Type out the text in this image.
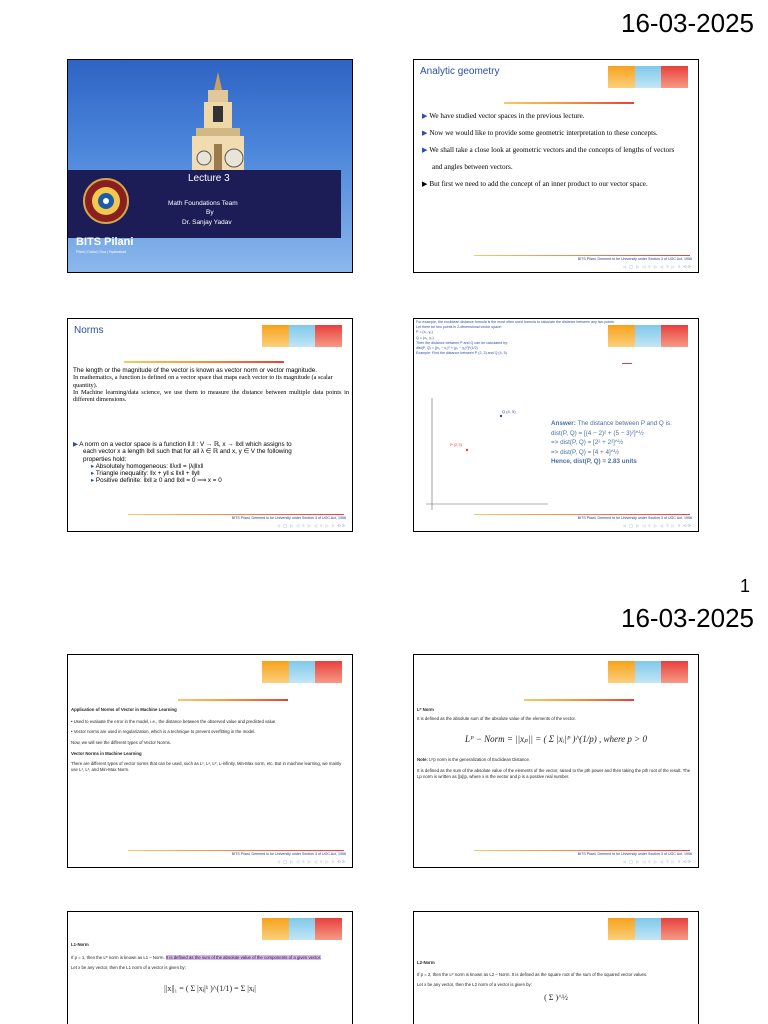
16-03-2025
Lecture 3
Math Foundations Team
By
Dr. Sanjay Yadav
BITS Pilani
Pilani | Dubai | Goa | Hyderabad
Analytic geometry
▶ We have studied vector spaces in the previous lecture.
▶ Now we would like to provide some geometric interpretation to these concepts.
▶ We shall take a close look at geometric vectors and the concepts of lengths of vectors and angles between vectors.
▶ But first we need to add the concept of an inner product to our vector space.
BITS Pilani, Deemed to be University under Section 3 of UGC Act, 1956
◁ ▢ ▷ ◁ ≡ ▷ ◁ ≡ ▷ ≡ ⟲⟳
Norms
The length or the magnitude of the vector is known as vector norm or vector magnitude.
In mathematics, a function is defined on a vector space that maps each vector to its magnitude (a scalar quantity).
In Machine learning/data science, we use them to measure the distance between multiple data points in different dimensions.
▶ A norm on a vector space is a function ‖.‖ : V → ℝ, x → ‖x‖ which assigns to each vector x a length ‖x‖ such that for all λ ∈ ℝ and x, y ∈ V the following properties hold:
▸ Absolutely homogeneous: ‖λx‖ = |λ|‖x‖
▸ Triangle inequality: ‖x + y‖ ≤ ‖x‖ + ‖y‖
▸ Positive definite: ‖x‖ ≥ 0 and ‖x‖ = 0 ⟹ x = 0
BITS Pilani, Deemed to be University under Section 3 of UGC Act, 1956
◁ ▢ ▷ ◁ ≡ ▷ ◁ ≡ ▷ ≡ ⟲⟳
For example, the euclidean distance formula is the most often used formula to calculate the distance between any two points.
Let there be two points in 2-dimensional vector space:
P = (x₁, y₁)
Q = (x₂, y₂)
Then the distance between P and Q can be calculated by:
dist(P, Q) = [(x₂ − x₁)² + (y₂ − y₁)²]^(1/2)
Example: Find the distance between P (2, 3) and Q (4, 5).
P (2,3)
Q (4, 5)
Answer: The distance between P and Q is:
dist(P, Q) = [(4 − 2)² + (5 − 3)²]^½
=> dist(P, Q) = [2² + 2²]^½
=> dist(P, Q) = [4 + 4]^½
Hence, dist(P, Q) = 2.83 units
BITS Pilani, Deemed to be University under Section 3 of UGC Act, 1956
◁ ▢ ▷ ◁ ≡ ▷ ◁ ≡ ▷ ≡ ⟲⟳
1
16-03-2025
Application of Norms of Vector in Machine Learning
• Used to evaluate the error in the model, i.e., the distance between the observed value and predicted value.
• Vector norms are used in regularization, which is a technique to prevent overfitting in the model.
Now, we will see the different types of Vector Norms.
Vector Norms in Machine Learning
There are different types of vector norms that can be used, such as L¹, L², Lᴾ, L-infinity, Min-Max norm, etc. But in machine learning, we mainly use L¹, L², and Min-Max Norm.
BITS Pilani, Deemed to be University under Section 3 of UGC Act, 1956
◁ ▢ ▷ ◁ ≡ ▷ ◁ ≡ ▷ ≡ ⟲⟳
Lᴾ Norm
It is defined as the absolute sum of the absolute value of the elements of the vector.
Lᴾ − Norm = ||xₚ|| = ( Σ |xᵢ|ᴾ )^(1/p) , where p > 0
Note: Lᴾp norm is the generalization of Euclidean Distance.
It is defined as the sum of the absolute value of the elements of the vector, raised to the pth power and then taking the pth root of the result. The Lp norm is written as ||x||p, where x is the vector and p is a positive real number.
BITS Pilani, Deemed to be University under Section 3 of UGC Act, 1956
◁ ▢ ▷ ◁ ≡ ▷ ◁ ≡ ▷ ≡ ⟲⟳
L1-Norm
If p = 1, then the Lᴾ norm is known as L1 – Norm. It is defined as the sum of the absolute value of the components of a given vector.
Let x be any vector, then the L1 norm of a vector is given by:
||x||₁ = ( Σ |xⱼ|¹ )^(1/1) = Σ |xⱼ|
L2-Norm
If p = 2, then the Lᴾ norm is known as L2 – Norm. It is defined as the square root of the sum of the squared vector values.
Let x be any vector, then the L2 norm of a vector is given by:
( Σ )^½
